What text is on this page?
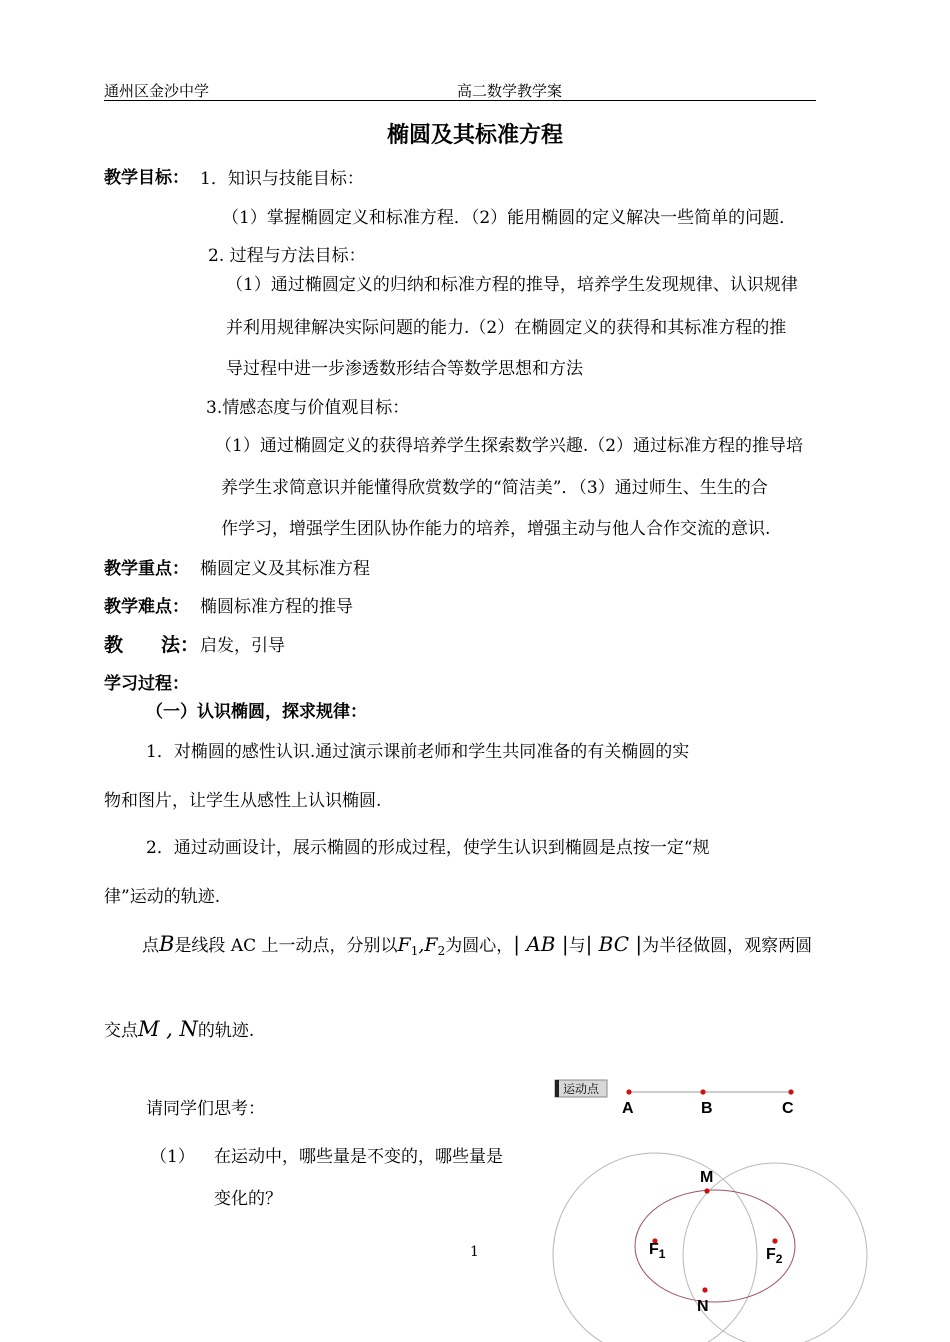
通州区金沙中学	高二数学教学案
椭圆及其标准方程
教学目标： 1．知识与技能目标：
（1）掌握椭圆定义和标准方程．（2）能用椭圆的定义解决一些简单的问题．
2. 过程与方法目标：
（1）通过椭圆定义的归纳和标准方程的推导，培养学生发现规律、认识规律
并利用规律解决实际问题的能力.（2）在椭圆定义的获得和其标准方程的推
导过程中进一步渗透数形结合等数学思想和方法
3.情感态度与价值观目标：
（1）通过椭圆定义的获得培养学生探索数学兴趣.（2）通过标准方程的推导培
养学生求简意识并能懂得欣赏数学的“简洁美”．（3）通过师生、生生的合
作学习，增强学生团队协作能力的培养，增强主动与他人合作交流的意识.
教学重点： 椭圆定义及其标准方程
教学难点： 椭圆标准方程的推导
教　　法： 启发，引导
学习过程：
（一）认识椭圆，探求规律：
1．对椭圆的感性认识.通过演示课前老师和学生共同准备的有关椭圆的实
物和图片，让学生从感性上认识椭圆.
2．通过动画设计，展示椭圆的形成过程，使学生认识到椭圆是点按一定“规
律”运动的轨迹.
点B是线段 AC 上一动点，分别以$F_1,F_2$为圆心，| AB |与| BC |为半径做圆，观察两圆
交点M , N的轨迹.
请同学们思考：
（1） 在运动中，哪些量是不变的，哪些量是
变化的？
1
运动点
A	B	C
M
N
$F_1$	$F_2$
